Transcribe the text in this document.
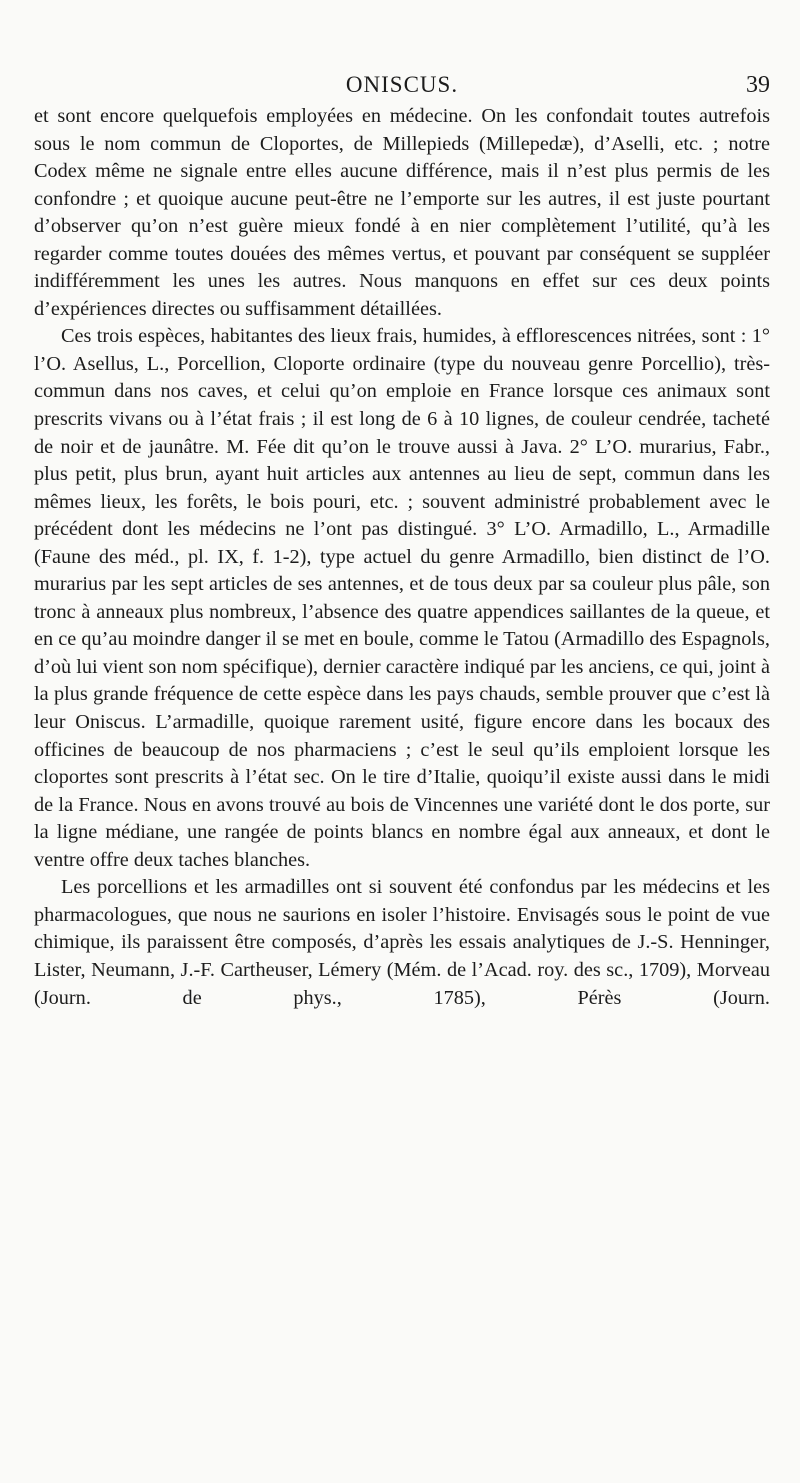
ONISCUS.	39

et sont encore quelquefois employées en médecine. On les confondait toutes autrefois sous le nom commun de Cloportes, de Millepieds (Millepedæ), d’Aselli, etc. ; notre Codex même ne signale entre elles aucune différence, mais il n’est plus permis de les confondre ; et quoique aucune peut-être ne l’emporte sur les autres, il est juste pourtant d’observer qu’on n’est guère mieux fondé à en nier complètement l’utilité, qu’à les regarder comme toutes douées des mêmes vertus, et pouvant par conséquent se suppléer indifféremment les unes les autres. Nous manquons en effet sur ces deux points d’expériences directes ou suffisamment détaillées.

Ces trois espèces, habitantes des lieux frais, humides, à efflorescences nitrées, sont : 1° l’O. Asellus, L., Porcellion, Cloporte ordinaire (type du nouveau genre Porcellio), très-commun dans nos caves, et celui qu’on emploie en France lorsque ces animaux sont prescrits vivans ou à l’état frais ; il est long de 6 à 10 lignes, de couleur cendrée, tacheté de noir et de jaunâtre. M. Fée dit qu’on le trouve aussi à Java. 2° L’O. murarius, Fabr., plus petit, plus brun, ayant huit articles aux antennes au lieu de sept, commun dans les mêmes lieux, les forêts, le bois pouri, etc. ; souvent administré probablement avec le précédent dont les médecins ne l’ont pas distingué. 3° L’O. Armadillo, L., Armadille (Faune des méd., pl. IX, f. 1-2), type actuel du genre Armadillo, bien distinct de l’O. murarius par les sept articles de ses antennes, et de tous deux par sa couleur plus pâle, son tronc à anneaux plus nombreux, l’absence des quatre appendices saillantes de la queue, et en ce qu’au moindre danger il se met en boule, comme le Tatou (Armadillo des Espagnols, d’où lui vient son nom spécifique), dernier caractère indiqué par les anciens, ce qui, joint à la plus grande fréquence de cette espèce dans les pays chauds, semble prouver que c’est là leur Oniscus. L’armadille, quoique rarement usité, figure encore dans les bocaux des officines de beaucoup de nos pharmaciens ; c’est le seul qu’ils emploient lorsque les cloportes sont prescrits à l’état sec. On le tire d’Italie, quoiqu’il existe aussi dans le midi de la France. Nous en avons trouvé au bois de Vincennes une variété dont le dos porte, sur la ligne médiane, une rangée de points blancs en nombre égal aux anneaux, et dont le ventre offre deux taches blanches.

Les porcellions et les armadilles ont si souvent été confondus par les médecins et les pharmacologues, que nous ne saurions en isoler l’histoire. Envisagés sous le point de vue chimique, ils paraissent être composés, d’après les essais analytiques de J.-S. Henninger, Lister, Neumann, J.-F. Cartheuser, Lémery (Mém. de l’Acad. roy. des sc., 1709), Morveau (Journ. de phys., 1785), Pérès (Journ.
